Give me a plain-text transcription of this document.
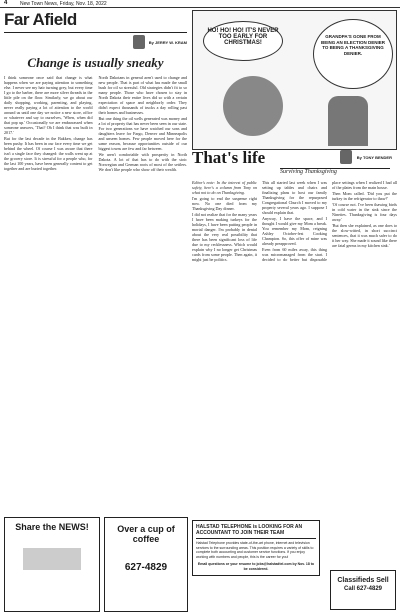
4	New Town News, Friday, Nov. 18, 2022
Far Afield
By JERRY W. KRAM
Change is usually sneaky

I think someone once said that change is what happens when we are paying attention to something else. I never see my hair turning grey, but every time I go to the barber, there are more silver threads in the little pile on the floor. Similarly, we go about our daily shopping, working, parenting, and playing, never really paying a lot of attention to the world around us until one day we notice a new store, office or whatever and say to ourselves, 'When, when did that pop up.' Occasionally we are embarrassed when someone answers, 'That? Oh I think that was built in 2017.'

But for the last decade in the Bakken, change has been pushy. It has been in our face every time we get behind the wheel. Of course I was aware that there isn't a single face they changed: the walls went up at the grocery store. It is stressful for a people who, for the last 100 years, have been generally content to get together and are buried together.

North Dakotans in general aren't used to change and new people. That is part of what has made the small bush for oil so stressful. Old strategies didn't fit to so many people. Those who have chosen to stay in North Dakota their entire lives did so with a certain expectation of space and neighborly order. They didn't expect thousands of trucks a day rolling past their homes and businesses.

But one thing the oil wells generated was money and a lot of property that has never been seen in our state. For two generations we have watched our sons and daughters leave for Fargo, Denver and Minneapolis and unseen homes. Few people moved here for the same reason, because opportunities outside of our biggest towns are few and far between.

We aren't comfortable with prosperity in North Dakota. A lot of that has to do with the stoic Norwegian and German roots of most of the settlers. We don't like people who show off their wealth.

Share the NEWS!	Over a cup of coffee
627-4829
HO! HO! HO! IT'S NEVER TOO EARLY FOR CHRISTMAS!
GRANDPA'S GONE FROM BEING AN ELECTION DENIER TO BEING A THANKSGIVING DENIER.
That's life	By TONY BENDER
Surviving Thanksgiving

Editor's note: In the interest of public safety, here's a column from Tony on what not to do on Thanksgiving.

I'm going to end the suspense right now. No one died from my Thanksgiving Day dinner.

I did not realize that for the many years I have been making turkeys for the holidays, I have been putting people in mortal danger. I'm probably in denial about the very real possibility that there has been significant loss of life due to my recklessness. Which would explain why I no longer get Christmas cards from some people. Then again, it might just be politics.

This all started last week when I was setting up tables and chairs and finalizing plans to host our family Thanksgiving for the repurposed Congregational Church I moved to my property several years ago. I suppose I should explain that.

Anyway, I have the space, and I thought I would give my Mom a break. You remember my Mom, reigning Ashley October-fest Cooking Champion. So, this offer of mine was already preapproved.

Even from 60 miles away, this thing was micromanaged from the start. I decided to do better but disposable place settings when I realized I had all of the plates from the main house.

Then Mom called. 'Did you put the turkey in the refrigerator to thaw?'

'Of course not. I've been thawing birds in cold water in the sink since the Nineties. Thanksgiving is four days away.'

'But then she explained, as one does to the slow-witted, in short succinct sentences, that it was much safer to do it her way. She made it sound like there are fatal germs in my kitchen sink.'

HALSTAD TELEPHONE is LOOKING FOR AN ACCOUNTANT TO JOIN THEIR TEAM
Halstad Telephone provides state-of-the-art phone, internet and television services to the surrounding areas. This position requires a variety of skills to complete both accounting and customer service functions. If you enjoy working with numbers and people, this is the career for you!
Email questions or your resume to jobs@halstadtel.com by Nov. 18 to be considered.
Classifieds Sell
Call 627-4829
